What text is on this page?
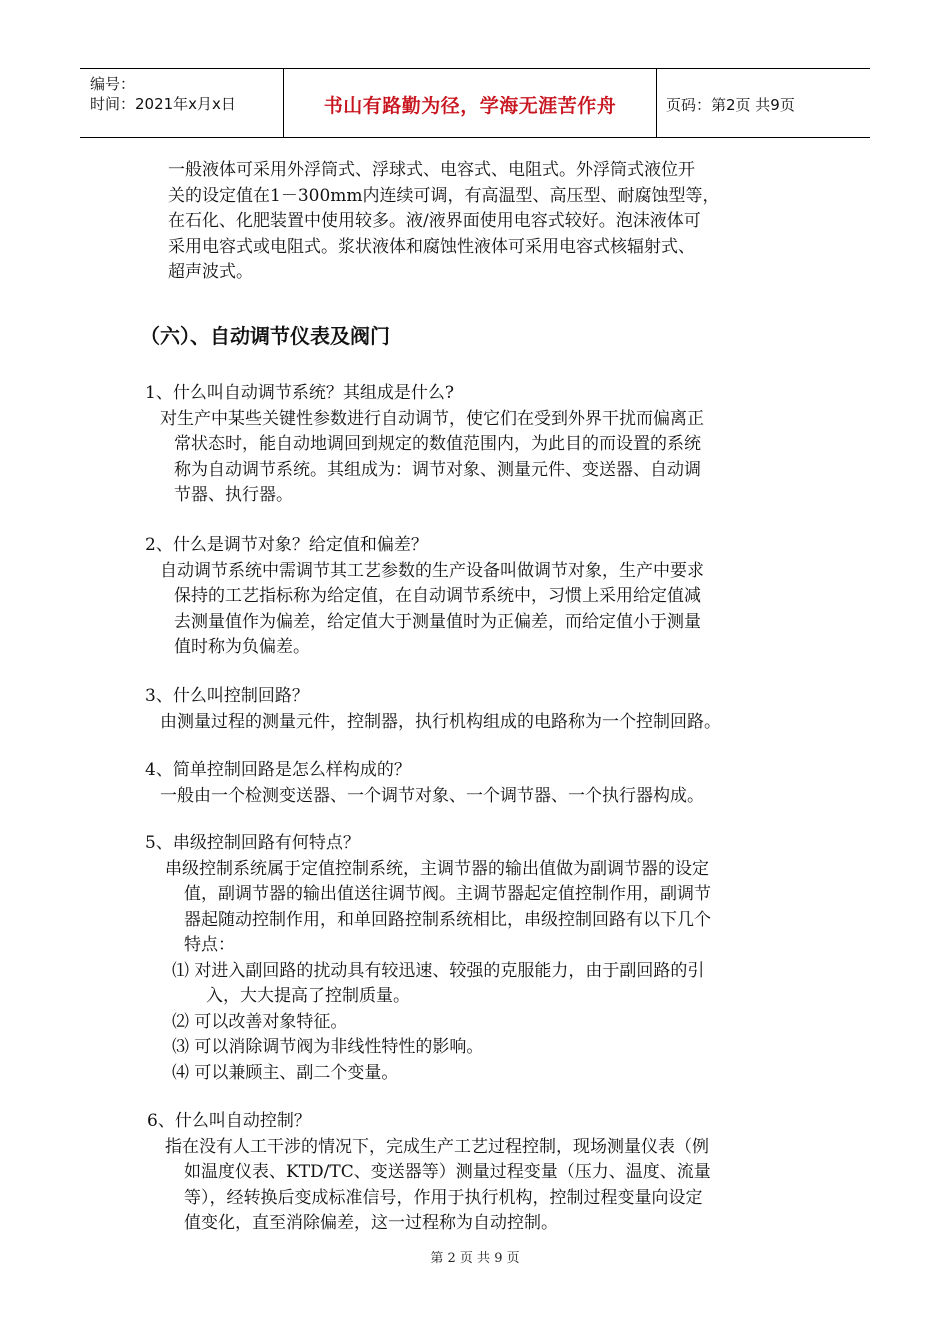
编号：
时间：2021年x月x日	书山有路勤为径，学海无涯苦作舟	页码：第2页 共9页
一般液体可采用外浮筒式、浮球式、电容式、电阻式。外浮筒式液位开
关的设定值在1－300mm内连续可调，有高温型、高压型、耐腐蚀型等，
在石化、化肥装置中使用较多。液/液界面使用电容式较好。泡沫液体可
采用电容式或电阻式。浆状液体和腐蚀性液体可采用电容式核辐射式、
超声波式。
（六）、自动调节仪表及阀门
1、什么叫自动调节系统？其组成是什么?
对生产中某些关键性参数进行自动调节，使它们在受到外界干扰而偏离正
常状态时，能自动地调回到规定的数值范围内，为此目的而设置的系统
称为自动调节系统。其组成为：调节对象、测量元件、变送器、自动调
节器、执行器。
2、什么是调节对象？给定值和偏差？
自动调节系统中需调节其工艺参数的生产设备叫做调节对象，生产中要求
保持的工艺指标称为给定值，在自动调节系统中，习惯上采用给定值减
去测量值作为偏差，给定值大于测量值时为正偏差，而给定值小于测量
值时称为负偏差。
3、什么叫控制回路？
由测量过程的测量元件，控制器，执行机构组成的电路称为一个控制回路。
4、简单控制回路是怎么样构成的？
一般由一个检测变送器、一个调节对象、一个调节器、一个执行器构成。
5、串级控制回路有何特点？
串级控制系统属于定值控制系统，主调节器的输出值做为副调节器的设定
值，副调节器的输出值送往调节阀。主调节器起定值控制作用，副调节
器起随动控制作用，和单回路控制系统相比，串级控制回路有以下几个
特点：
⑴ 对进入副回路的扰动具有较迅速、较强的克服能力，由于副回路的引
入，大大提高了控制质量。
⑵ 可以改善对象特征。
⑶ 可以消除调节阀为非线性特性的影响。
⑷ 可以兼顾主、副二个变量。
6、什么叫自动控制？
指在没有人工干涉的情况下，完成生产工艺过程控制，现场测量仪表（例
如温度仪表、KTD/TC、变送器等）测量过程变量（压力、温度、流量
等），经转换后变成标准信号，作用于执行机构，控制过程变量向设定
值变化，直至消除偏差，这一过程称为自动控制。
第 2 页 共 9 页
